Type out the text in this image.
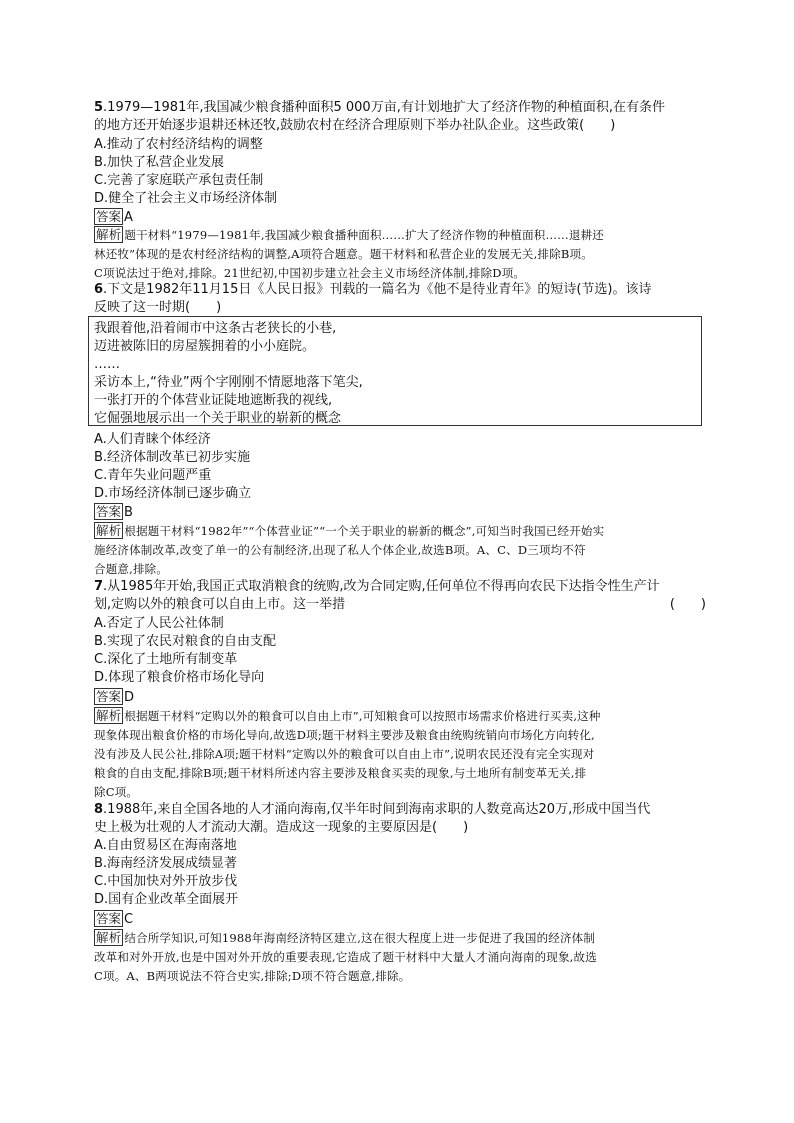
5.1979—1981年,我国减少粮食播种面积5 000万亩,有计划地扩大了经济作物的种植面积,在有条件
的地方还开始逐步退耕还林还牧,鼓励农村在经济合理原则下举办社队企业。这些政策(　　)
A.推动了农村经济结构的调整
B.加快了私营企业发展
C.完善了家庭联产承包责任制
D.健全了社会主义市场经济体制
答案 A
解析 题干材料“1979—1981年,我国减少粮食播种面积……扩大了经济作物的种植面积……退耕还
林还牧”体现的是农村经济结构的调整,A项符合题意。题干材料和私营企业的发展无关,排除B项。
C项说法过于绝对,排除。21世纪初,中国初步建立社会主义市场经济体制,排除D项。
6.下文是1982年11月15日《人民日报》刊载的一篇名为《他不是待业青年》的短诗(节选)。该诗
反映了这一时期(　　)
我跟着他,沿着闹市中这条古老狭长的小巷,
迈进被陈旧的房屋簇拥着的小小庭院。
……
采访本上,“待业”两个字刚刚不情愿地落下笔尖,
一张打开的个体营业证陡地遮断我的视线,
它倔强地展示出一个关于职业的崭新的概念
A.人们青睐个体经济
B.经济体制改革已初步实施
C.青年失业问题严重
D.市场经济体制已逐步确立
答案 B
解析 根据题干材料“1982年”“个体营业证”“一个关于职业的崭新的概念”,可知当时我国已经开始实
施经济体制改革,改变了单一的公有制经济,出现了私人个体企业,故选B项。A、C、D三项均不符
合题意,排除。
7.从1985年开始,我国正式取消粮食的统购,改为合同定购,任何单位不得再向农民下达指令性生产计
划,定购以外的粮食可以自由上市。这一举措	(　　)
A.否定了人民公社体制
B.实现了农民对粮食的自由支配
C.深化了土地所有制变革
D.体现了粮食价格市场化导向
答案 D
解析 根据题干材料“定购以外的粮食可以自由上市”,可知粮食可以按照市场需求价格进行买卖,这种
现象体现出粮食价格的市场化导向,故选D项;题干材料主要涉及粮食由统购统销向市场化方向转化,
没有涉及人民公社,排除A项;题干材料“定购以外的粮食可以自由上市”,说明农民还没有完全实现对
粮食的自由支配,排除B项;题干材料所述内容主要涉及粮食买卖的现象,与土地所有制变革无关,排
除C项。
8.1988年,来自全国各地的人才涌向海南,仅半年时间到海南求职的人数竟高达20万,形成中国当代
史上极为壮观的人才流动大潮。造成这一现象的主要原因是(　　)
A.自由贸易区在海南落地
B.海南经济发展成绩显著
C.中国加快对外开放步伐
D.国有企业改革全面展开
答案 C
解析 结合所学知识,可知1988年海南经济特区建立,这在很大程度上进一步促进了我国的经济体制
改革和对外开放,也是中国对外开放的重要表现,它造成了题干材料中大量人才涌向海南的现象,故选
C项。A、B两项说法不符合史实,排除;D项不符合题意,排除。
